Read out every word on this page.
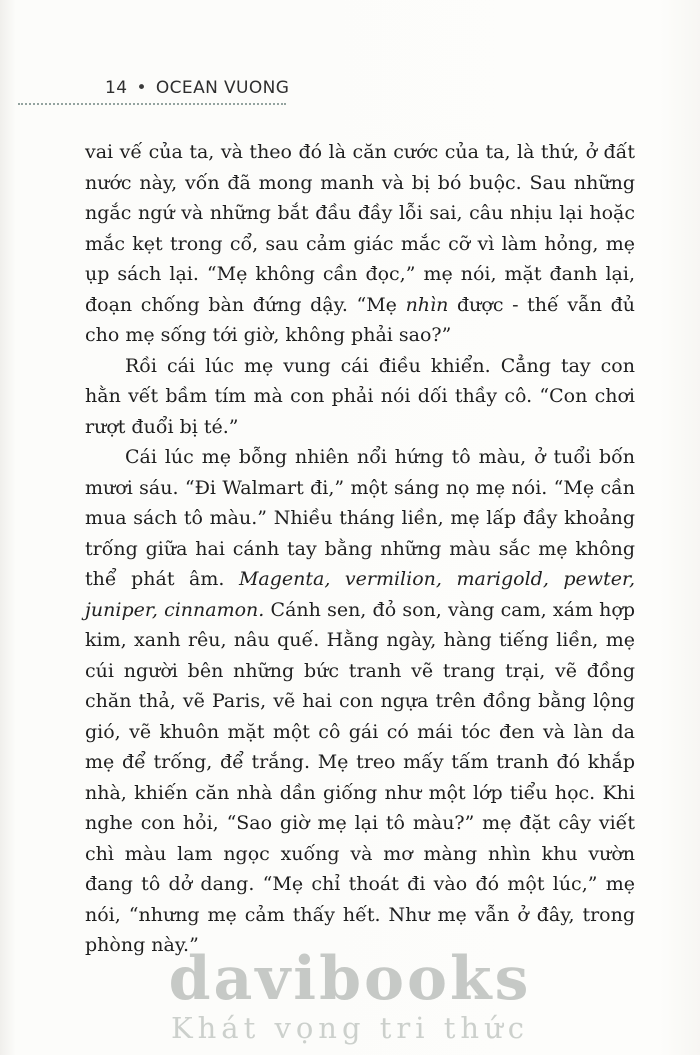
14 • OCEAN VUONG

vai vế của ta, và theo đó là căn cước của ta, là thứ, ở đất nước này, vốn đã mong manh và bị bó buộc. Sau những ngắc ngứ và những bắt đầu đầy lỗi sai, câu nhịu lại hoặc mắc kẹt trong cổ, sau cảm giác mắc cỡ vì làm hỏng, mẹ ụp sách lại. “Mẹ không cần đọc,” mẹ nói, mặt đanh lại, đoạn chống bàn đứng dậy. “Mẹ nhìn được - thế vẫn đủ cho mẹ sống tới giờ, không phải sao?”

Rồi cái lúc mẹ vung cái điều khiển. Cẳng tay con hằn vết bầm tím mà con phải nói dối thầy cô. “Con chơi rượt đuổi bị té.”

Cái lúc mẹ bỗng nhiên nổi hứng tô màu, ở tuổi bốn mươi sáu. “Đi Walmart đi,” một sáng nọ mẹ nói. “Mẹ cần mua sách tô màu.” Nhiều tháng liền, mẹ lấp đầy khoảng trống giữa hai cánh tay bằng những màu sắc mẹ không thể phát âm. Magenta, vermilion, marigold, pewter, juniper, cinnamon. Cánh sen, đỏ son, vàng cam, xám hợp kim, xanh rêu, nâu quế. Hằng ngày, hàng tiếng liền, mẹ cúi người bên những bức tranh vẽ trang trại, vẽ đồng chăn thả, vẽ Paris, vẽ hai con ngựa trên đồng bằng lộng gió, vẽ khuôn mặt một cô gái có mái tóc đen và làn da mẹ để trống, để trắng. Mẹ treo mấy tấm tranh đó khắp nhà, khiến căn nhà dần giống như một lớp tiểu học. Khi nghe con hỏi, “Sao giờ mẹ lại tô màu?” mẹ đặt cây viết chì màu lam ngọc xuống và mơ màng nhìn khu vườn đang tô dở dang. “Mẹ chỉ thoát đi vào đó một lúc,” mẹ nói, “nhưng mẹ cảm thấy hết. Như mẹ vẫn ở đây, trong phòng này.”

davibooks
Khát vọng tri thức
